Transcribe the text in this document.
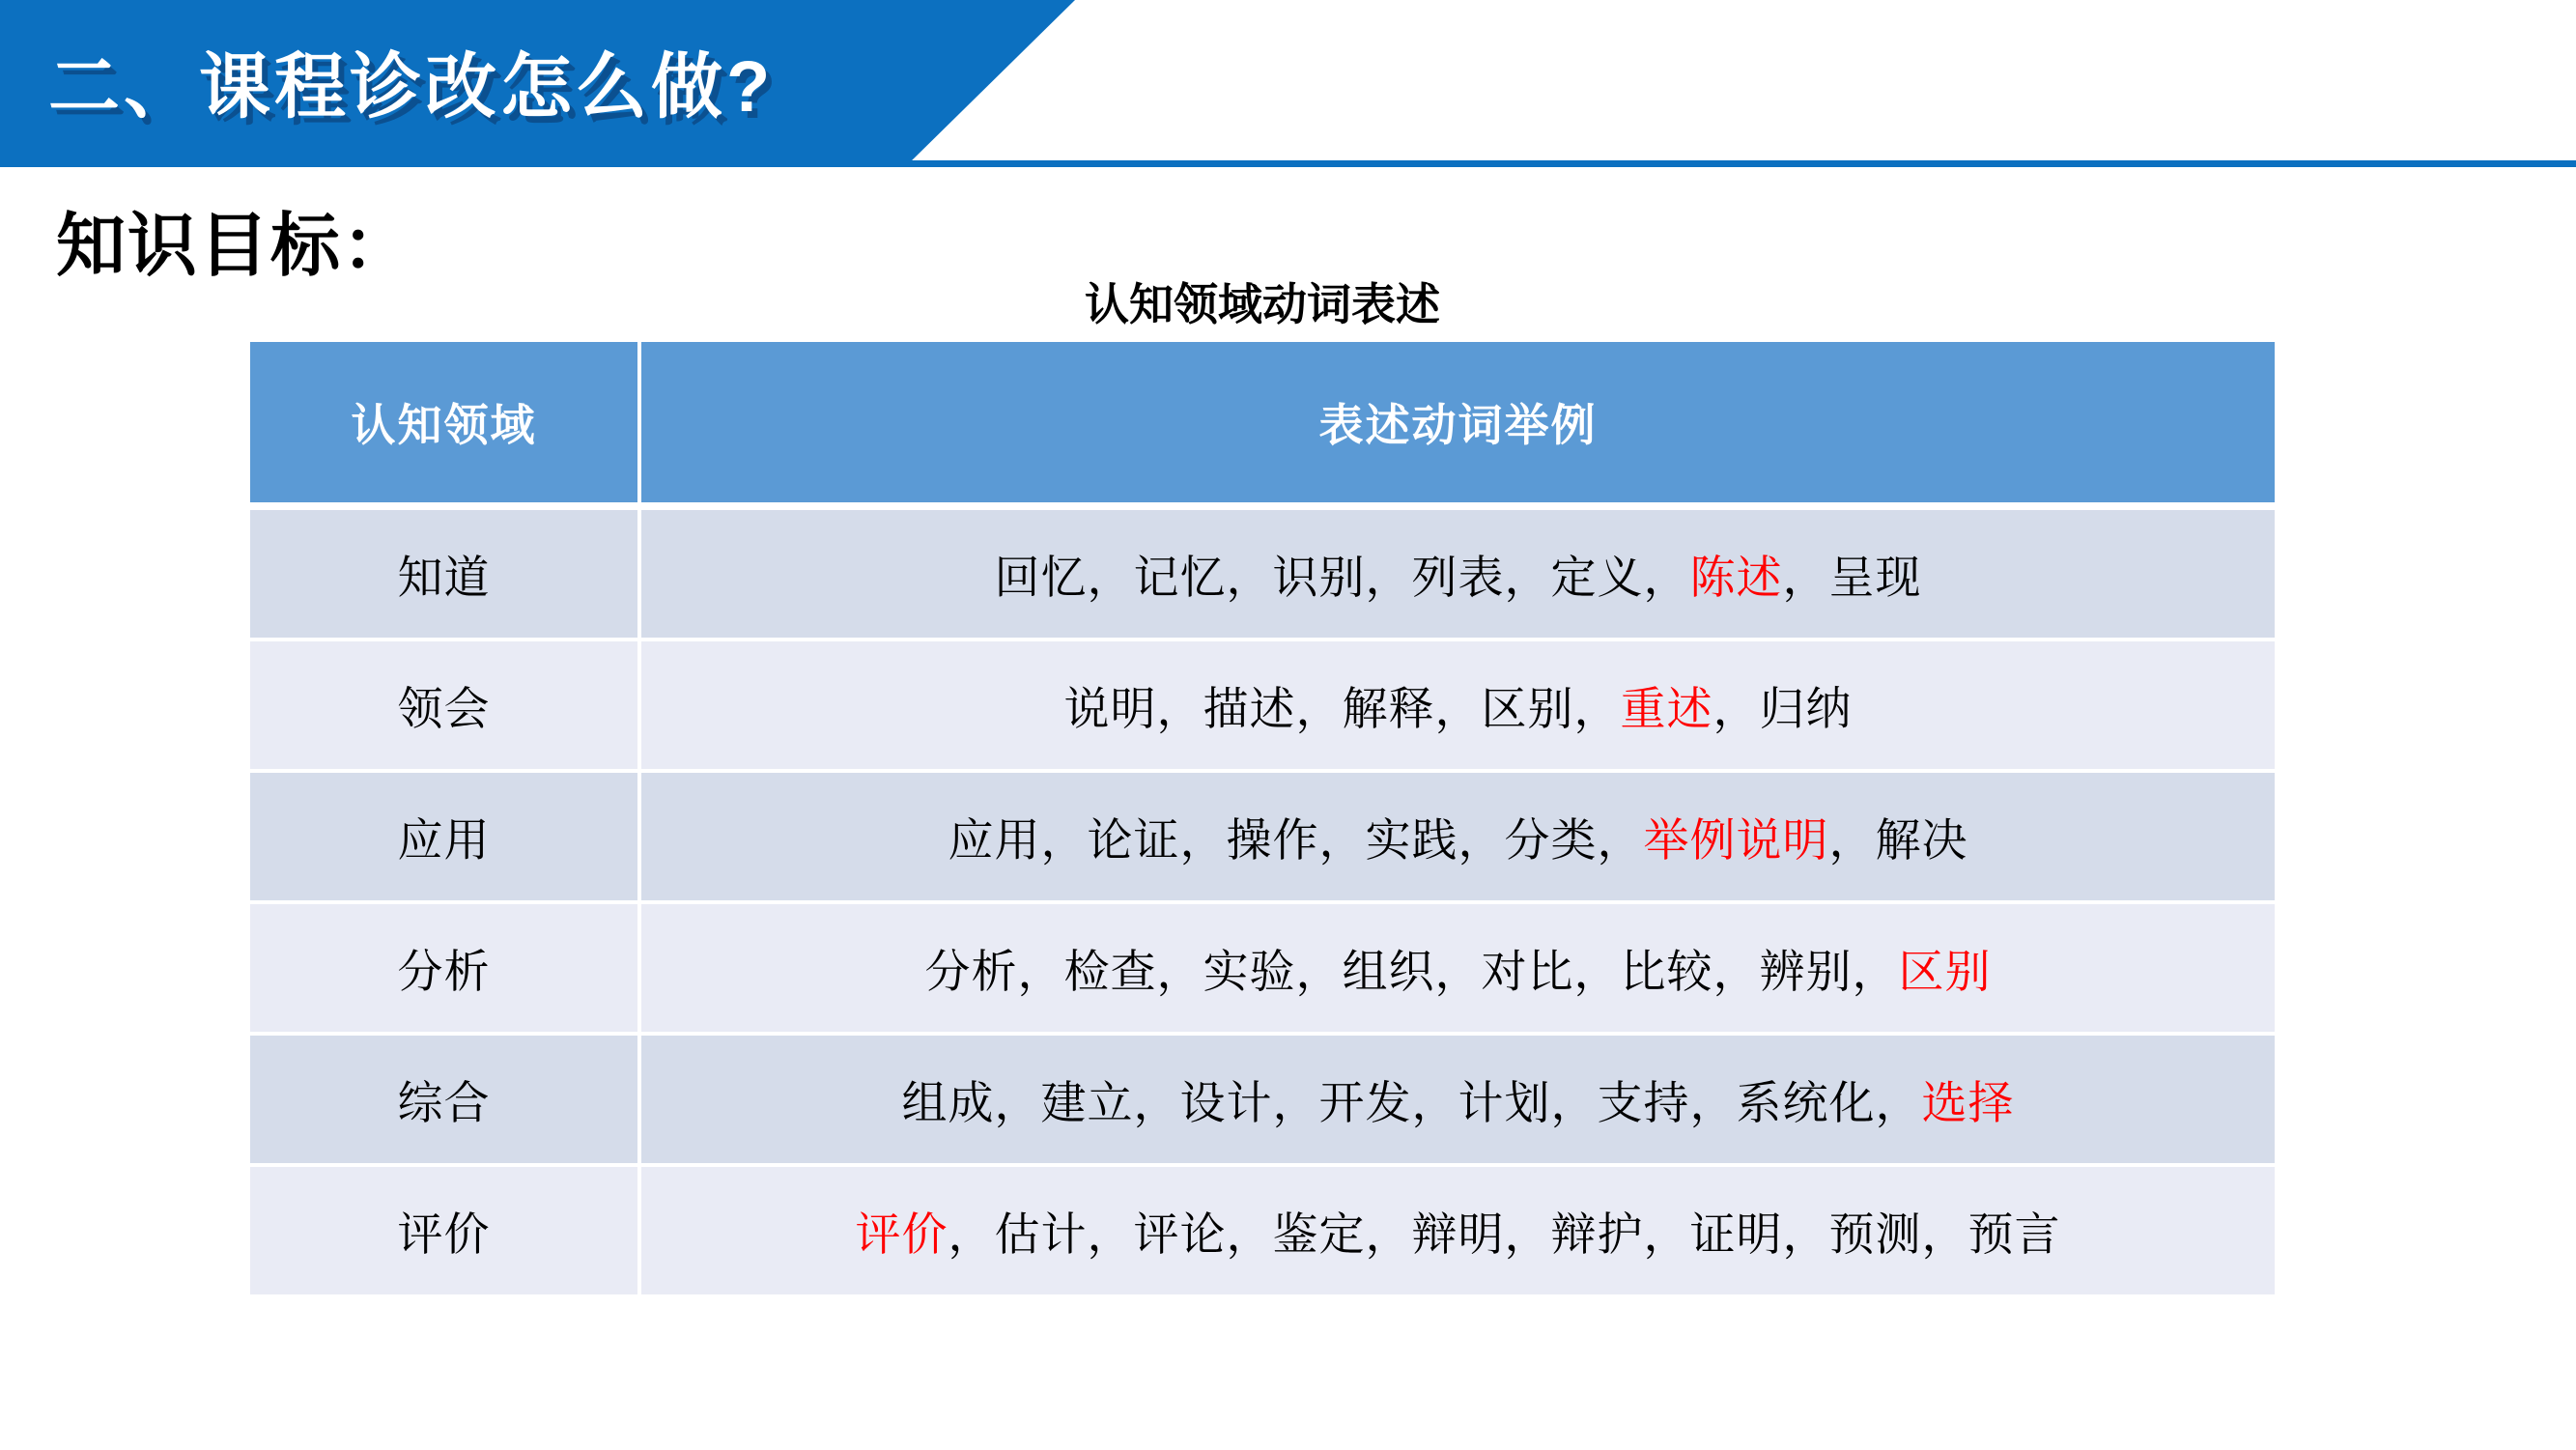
二、课程诊改怎么做?
知识目标：
认知领域动词表述
认知领域	表述动词举例
知道	回忆，记忆，识别，列表，定义， 陈述 ，呈现
领会	说明，描述，解释，区别， 重述 ，归纳
应用	应用，论证，操作，实践，分类， 举例说明 ，解决
分析	分析，检查，实验，组织，对比，比较，辨别， 区别
综合	组成，建立，设计，开发，计划，支持，系统化， 选择
评价	评价 ，估计，评论，鉴定，辩明，辩护，证明，预测，预言
